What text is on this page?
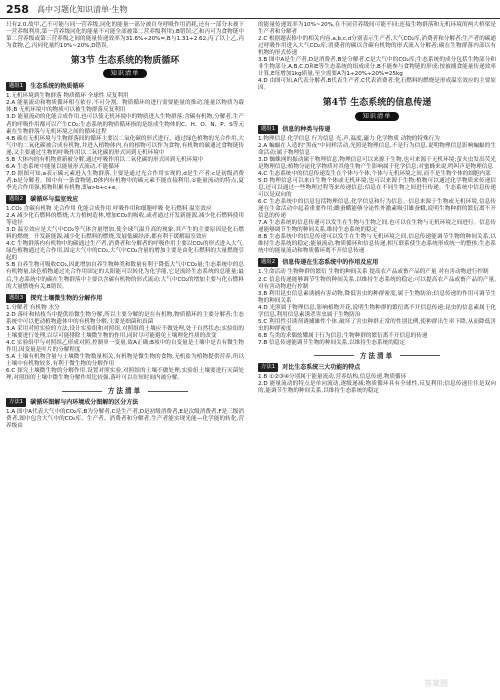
258 高中习题化知识清单·生物

只有2.0,故甲,乙不可能与同一营养级,同化的能量一部分被自身呼吸作用消耗,还有一部分未被下一营养级利用,第一营养级同化的能量不可能全部被第二营养级利用),B错误;乙和丙可为食物链中第二营养级或第三营养级之间的能量传递效率为31.6%÷20%=,B与1.31÷2.62,丙了以上乙,丙为食物,乙,丙同化量约10%~20%,D错误。

第3节 生态系统的物质循环
知识清单
题组1	生态系统的物质循环

1.无机环境到生物群落 物质循环 全球性 反复利用
2.A 能量流动和物质循环相互依存,不可分割。物质循环的进行需要能量的推动,能量以物质为载体;B 无机环境中的物质可以被生物群落反复利用
3.D 能量流动的化能合成作用,也可以使无机环境中的物质进入生物群落;含碳有机物,分解者,生产者的呼吸作用都可以产生CO₂;生态系统的物质循环指的是组成生物体的C、H、O、N、P、S等元素在生物群落与无机环境之间的循环过程
4.B 碳在无机环境与生物群落间的循环主要以二氧化碳的形式进行。通过绿色植物的光合作用,大气中的二氧化碳被合成有机物,并进入植物体内,有的植物可以作为食物,有机物的碳通过食物链传递,又主要通过生物的呼吸作用以二氧化碳的形式回到无机环境中
5.B 大体内的有机物重新被分解,通过呼吸作用以二氧化碳的形式回到无机环境中
6.A 生态系统中能量以能量形式流动,不能循环
7.D 据图可知,a表示碳元素进入生物群落,主要是通过光合作用实现的,d是生产者,c是初级消费者,b是分解者。图中有一条食物链,D体内有机物中的碳元素不能直接利用,①能量流动的特点,夏季光合作用强,植物积累有机物,即a>b+c+e。

题组2	碳循环与温室效应

1.CO₂ 含碳有机物 光合作用 化能合成作用 呼吸作用和细胞呼吸 化石燃料 温室效应
2.A 减少化石燃料的燃烧,大力植树造林,增加CO₂的吸收,或者通过开发新能源,减少化石燃料使用等途径
3.D 温室效应是大气中CO₂等气体含量增加,使全球气温升高的现象,其产生的主要原因是化石燃料的燃烧。开发新能源,减少化石燃料的燃烧,发展低碳经济,都有利于缓解温室效应
4.C 生物群落内有机物中的碳通过生产者,消费者和分解者的呼吸作用主要以CO₂的形式进入大气,绿色植物通过光合作用,固定大气中的CO₂,大气中CO₂含量的增加主要是由化石燃料的大量燃烧引起的
5.B 自养生物可吸收CO₂,因此增加自养生物种类和数量有利于降低大气中CO₂量;生态系统中的总有机物量,绿色植物通过光合作用固定的太阳能可以转化为化学能,它是流经生态系统的总能量;最后,生态系统中的碳在生物群落中主要以含碳有机物的形式流动;大气中CO₂的增加主要与化石燃料的大量燃烧有关,B错误。

题组3	探究土壤微生物的分解作用

1.分解者 有机物 水分
2.D 落叶和枯枝当中提供给微生物分解,所以主要分解的是在有机物,物质循环的主要分解者;生态系统中可以把动植物遗体中的有机物分解,主要是细菌和真菌
3.A 采用对照实验的方法,设计实验组和对照组,对照组的土壤应不做处理,处于自然状态;实验组的土壤要进行处理,以尽可能排除土壤微生物的作用,同时尽可能避免土壤理化性质的改变
4.C 实验组甲与对照组乙形成对照,控制单一变量,故A正确;B项中的自变量是土壤中是否有微生物作用,因变量是叶片的分解程度
5.A 土壤有机物含量与土壤微生物数量相关,有机物是微生物的食物,无机盐为植物提供营养,所以土壤中有机物较多,有利于微生物的分解作用
6.C 探究土壤微生物的分解作用,设置对照实验,对照组的土壤不做处理,实验组土壤要进行灭菌处理,对照组的土壤中微生物分解作用比较强,落叶可以在短时间内被分解。

方法清单
方法1	碳循环图解与内环境成分图解的区分方法

1.A 图中A代表大气中的CO₂库,B为分解者,C是生产者,D是初级消费者,E是次级消费者,F是三级消费者,图中包含大气中的CO₂库、生产者、消费者和分解者,生产者能实现光能—化学能的转化,营养级由

的能量传递效率为10%~20%,在不同营养级间可能不同;连接生物群落和无机环境的两大桥梁是生产者和分解者
2.C 根据题表格中的相关内容,a,b,c,d分别表示生产者,大气CO₂库,消费者和分解者;生产者的碳通过呼吸作用进入大气CO₂库;消费者的碳以含碳有机物的形式流入分解者;碳在生物群落内部以有机物的形式传递
3.B 图中A是生产者,D是消费者,B是分解者,C是大气中的CO₂库;生态系统的成分包括生物部分和非生物部分,A,B,C,D和E等生态系统的组成成分,B不能参与食物链的形成;按被捕食能量传递效率计算,E每增加1kg质量,至少需要A为1÷20%÷20%=25kg
4.D 由图可知,A代表分解者,B代表生产者,C代表消费者;化石燃料的燃烧是形成温室效应的主要原因。

第4节 生态系统的信息传递
知识清单
题组1	信息的种类与传递

1.物理信息 化学信息 行为信息 光,声,温度,磁力 化学物质 动物的特殊行为
2.A 蝙蝠在人造的"黑夜"中同样活动,光照是物理信息,不是行为信息,说明物理信息影响蝙蝠的生命活动;属于物理信息
3.D 蜘蛛网的振动属于物理信息,物理信息可以来源于生物,也可来源于无机环境;萤火虫发出荧光是物理信息;植物分泌化学物质对其他生物产生影响属于化学信息;对蜜蜂来说,鸣叫声是物理信息
4.C 生态系统中的信息传递发生在个体与个体,个体与无机环境之间,而不是生物个体的细胞内部
5.D 物理信息可以来自生物个体或无机环境,也可以来源于生物;植物可以通过化学物质来传递信息,还可以通过一些物理过程等来传递信息;信息在不同生物之间进行传递。生态系统中信息传递可以是双向的
6.C 生态系统中的信息包括物理信息,化学信息和行为信息。信息来源于生物或无机环境,信息传递在生命活动中起着重要作用;雌蚕蛾能够分泌性外激素吸引雄蚕蛾,说明生物种群的繁衍离不开信息的传递
7.A 生态系统的信息传递可以发生在生物与生物之间,也可以在生物与无机环境之间进行。信息传递能够调节生物的种间关系,维持生态系统的稳定
8.B 生态系统中的信息传递可以发生在生物与无机环境之间,信息传递能调节生物的种间关系,以维持生态系统的稳定;能量流动,物质循环和信息传递,相互联系使生态系统形成统一的整体;生态系统中的能量流动和物质循环离不开信息传递

题组2	信息传递在生态系统中的作用及应用

1.生命活动 生物种群的繁衍 生物的种间关系 提高农产品或畜产品的产量 对有害动物进行控制
2.C 信息传递能够调节生物的种间关系,以维持生态系统的稳定;可以提高农产品或畜产品的产量,对有害动物进行控制
3.B 利用昆虫信息素诱捕有害动物,降低害虫的种群密度,属于生物防治;信息传递的作用可调节生物的种间关系
4.D 光照属于物理信息,影响植物开花,说明生物种群的繁衍离不开信息传递;昆虫的信息素属于化学信息,利用信息素诱杀害虫属于生物防治
5.C 利用性引诱剂诱捕雄性个体,破坏了害虫种群正常的性别比例,使种群出生率下降,从而降低害虫的种群密度
6.B 鸟类的求偶炫耀属于行为信息;生物种群的繁衍离不开信息的传递
7.B 信息传递能调节生物的种间关系,以维持生态系统的稳定

方法清单
方法1	对比生态系统三大功能的特点

1.B ①②③④分别属于能量流动,营养结构,信息传递,物质循环
2.D 能量流动的特点是单向流动,逐级递减;物质循环具有全球性,反复利用;信息传递往往是双向的,能调节生物的种间关系,以维持生态系统的稳定

答案圈
